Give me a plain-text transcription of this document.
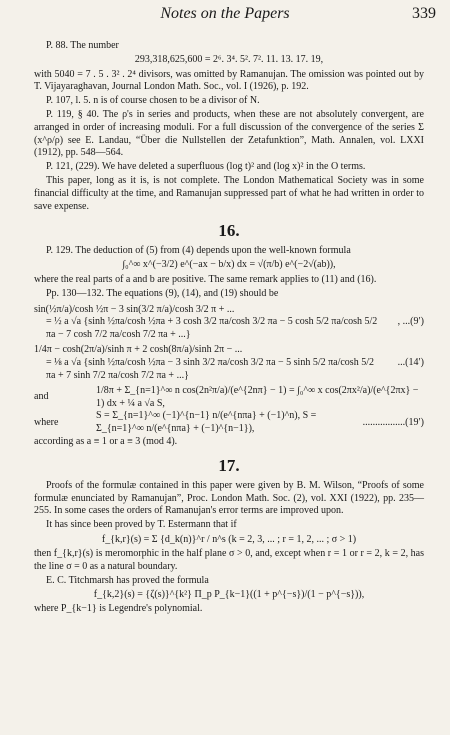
Notes on the Papers	339

P. 88. The number

293,318,625,600 = 2⁶. 3⁴. 5². 7². 11. 13. 17. 19,

with 5040 = 7 . 5 . 3² . 2⁴ divisors, was omitted by Ramanujan. The omission was pointed out by T. Vijayaraghavan, Journal London Math. Soc., vol. I (1926), p. 192.

P. 107, l. 5. n is of course chosen to be a divisor of N.

P. 119, § 40. The ρ's in series and products, when these are not absolutely convergent, are arranged in order of increasing moduli. For a full discussion of the convergence of the series Σ (x^ρ/ρ) see E. Landau, “Über die Nullstellen der Zetafunktion”, Math. Annalen, vol. LXXI (1912), pp. 548—564.

P. 121, (229). We have deleted a superfluous (log t)² and (log x)² in the O terms.

This paper, long as it is, is not complete. The London Mathematical Society was in some financial difficulty at the time, and Ramanujan suppressed part of what he had written in order to save expense.

16.

P. 129. The deduction of (5) from (4) depends upon the well-known formula

∫₀^∞ x^(−3/2) e^(−ax − b/x) dx = √(π/b) e^(−2√(ab)),

where the real parts of a and b are positive. The same remark applies to (11) and (16).

Pp. 130—132. The equations (9), (14), and (19) should be

sin(½π/a)/cosh ½π − 3 sin(3/2 π/a)/cosh 3/2 π + ...
= ½ a √a {sinh ½πa/cosh ½πa + 3 cosh 3/2 πa/cosh 3/2 πa − 5 cosh 5/2 πa/cosh 5/2 πa − 7 cosh 7/2 πa/cosh 7/2 πa + ...}
, ...(9′)
1/4π − cosh(2π/a)/sinh π + 2 cosh(8π/a)/sinh 2π − ...
= ⅛ a √a {sinh ½πa/cosh ½πa − 3 sinh 3/2 πa/cosh 3/2 πa − 5 sinh 5/2 πa/cosh 5/2 πa + 7 sinh 7/2 πa/cosh 7/2 πa + ...}
...(14′)
and
1/8π + Σ_{n=1}^∞ n cos(2n²π/a)/(e^{2nπ} − 1) = ∫₀^∞ x cos(2πx²/a)/(e^{2πx} − 1) dx + ¼ a √a S,
where
S = Σ_{n=1}^∞ (−1)^{n−1} n/(e^{nπa} + (−1)^n), S = Σ_{n=1}^∞ n/(e^{nπa} + (−1)^{n−1}),
.................(19′)

according as a ≡ 1 or a ≡ 3 (mod 4).

17.

Proofs of the formulæ contained in this paper were given by B. M. Wilson, “Proofs of some formulæ enunciated by Ramanujan”, Proc. London Math. Soc. (2), vol. XXI (1922), pp. 235—255. In some cases the orders of Ramanujan's error terms are improved upon.

It has since been proved by T. Estermann that if

f_{k,r}(s) = Σ {d_k(n)}^r / n^s (k = 2, 3, ... ; r = 1, 2, ... ; σ > 1)

then f_{k,r}(s) is meromorphic in the half plane σ > 0, and, except when r = 1 or r = 2, k = 2, has the line σ = 0 as a natural boundary.

E. C. Titchmarsh has proved the formula

f_{k,2}(s) = {ζ(s)}^{k²} Π_p P_{k−1}((1 + p^{−s})/(1 − p^{−s})),

where P_{k−1} is Legendre's polynomial.
